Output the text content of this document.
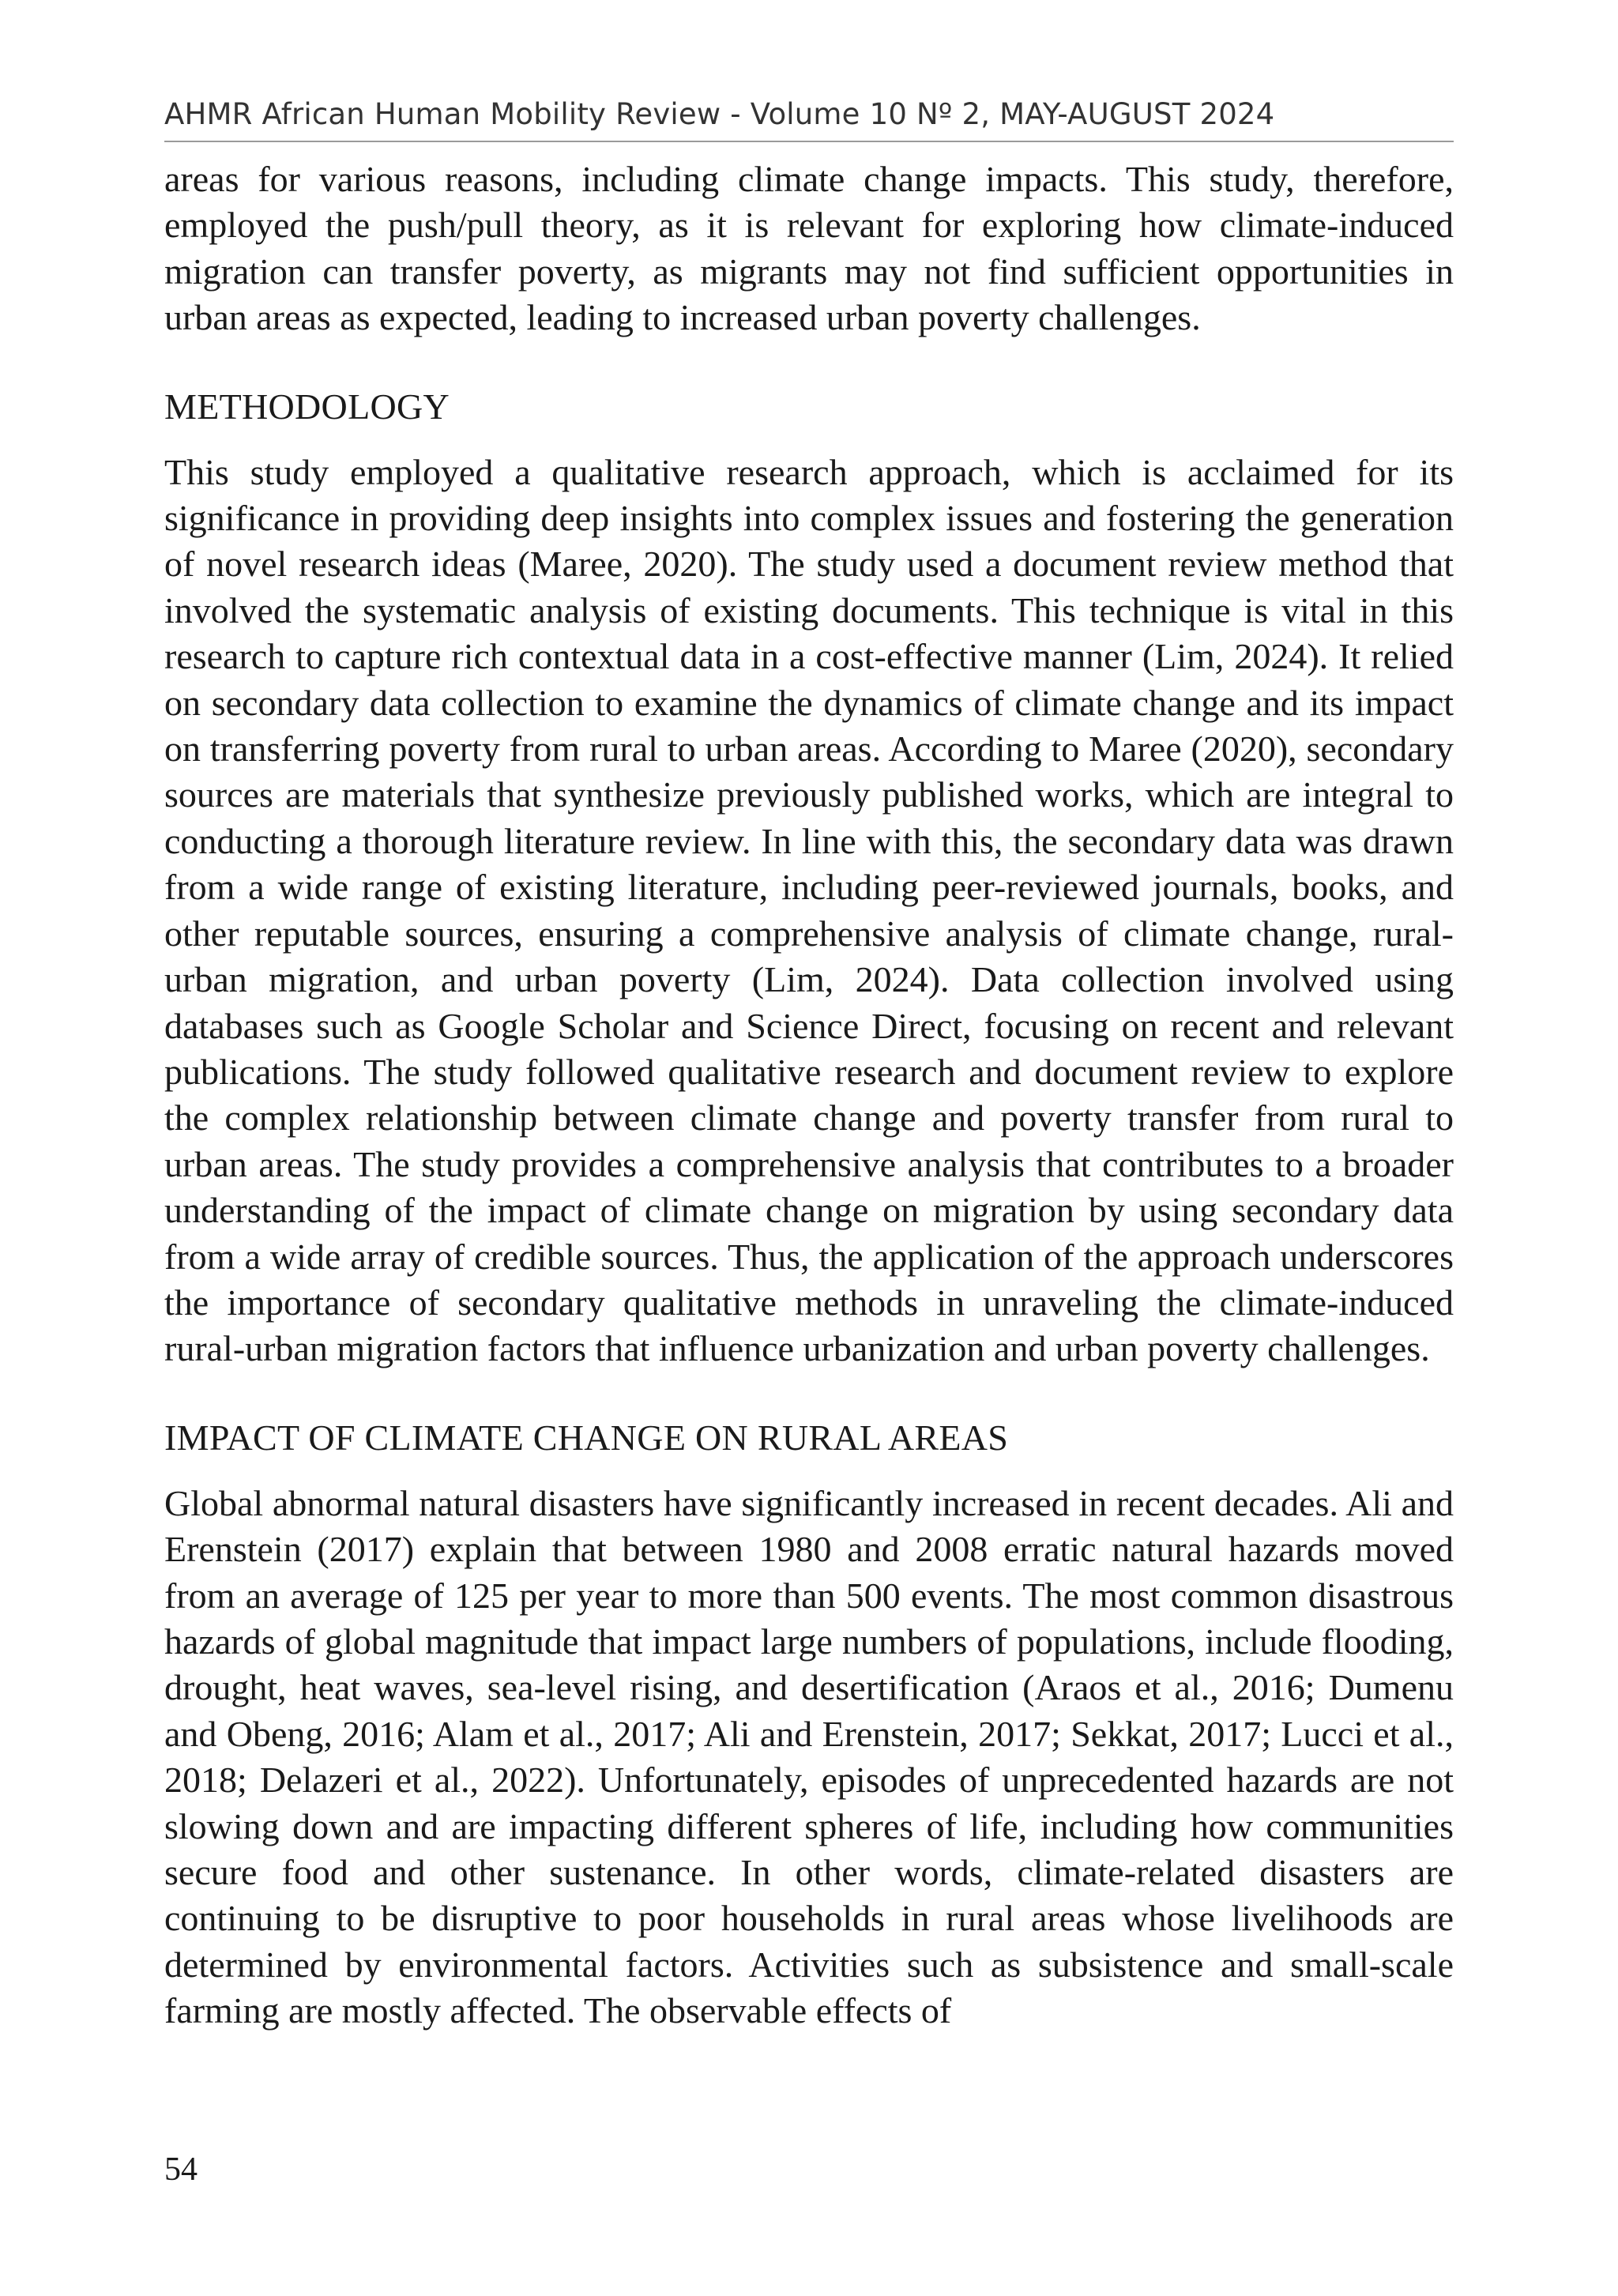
AHMR African Human Mobility Review - Volume 10 Nº 2, MAY-AUGUST 2024

areas for various reasons, including climate change impacts. This study, therefore, employed the push/pull theory, as it is relevant for exploring how climate-induced migration can transfer poverty, as migrants may not find sufficient opportunities in urban areas as expected, leading to increased urban poverty challenges.

METHODOLOGY

This study employed a qualitative research approach, which is acclaimed for its significance in providing deep insights into complex issues and fostering the generation of novel research ideas (Maree, 2020). The study used a document review method that involved the systematic analysis of existing documents. This technique is vital in this research to capture rich contextual data in a cost-effective manner (Lim, 2024). It relied on secondary data collection to examine the dynamics of climate change and its impact on transferring poverty from rural to urban areas. According to Maree (2020), secondary sources are materials that synthesize previously published works, which are integral to conducting a thorough literature review. In line with this, the secondary data was drawn from a wide range of existing literature, including peer-reviewed journals, books, and other reputable sources, ensuring a comprehensive analysis of climate change, rural-urban migration, and urban poverty (Lim, 2024). Data collection involved using databases such as Google Scholar and Science Direct, focusing on recent and relevant publications. The study followed qualitative research and document review to explore the complex relationship between climate change and poverty transfer from rural to urban areas. The study provides a comprehensive analysis that contributes to a broader understanding of the impact of climate change on migration by using secondary data from a wide array of credible sources. Thus, the application of the approach underscores the importance of secondary qualitative methods in unraveling the climate-induced rural-urban migration factors that influence urbanization and urban poverty challenges.

IMPACT OF CLIMATE CHANGE ON RURAL AREAS

Global abnormal natural disasters have significantly increased in recent decades. Ali and Erenstein (2017) explain that between 1980 and 2008 erratic natural hazards moved from an average of 125 per year to more than 500 events. The most common disastrous hazards of global magnitude that impact large numbers of populations, include flooding, drought, heat waves, sea-level rising, and desertification (Araos et al., 2016; Dumenu and Obeng, 2016; Alam et al., 2017; Ali and Erenstein, 2017; Sekkat, 2017; Lucci et al., 2018; Delazeri et al., 2022). Unfortunately, episodes of unprecedented hazards are not slowing down and are impacting different spheres of life, including how communities secure food and other sustenance. In other words, climate-related disasters are continuing to be disruptive to poor households in rural areas whose livelihoods are determined by environmental factors. Activities such as subsistence and small-scale farming are mostly affected. The observable effects of

54
